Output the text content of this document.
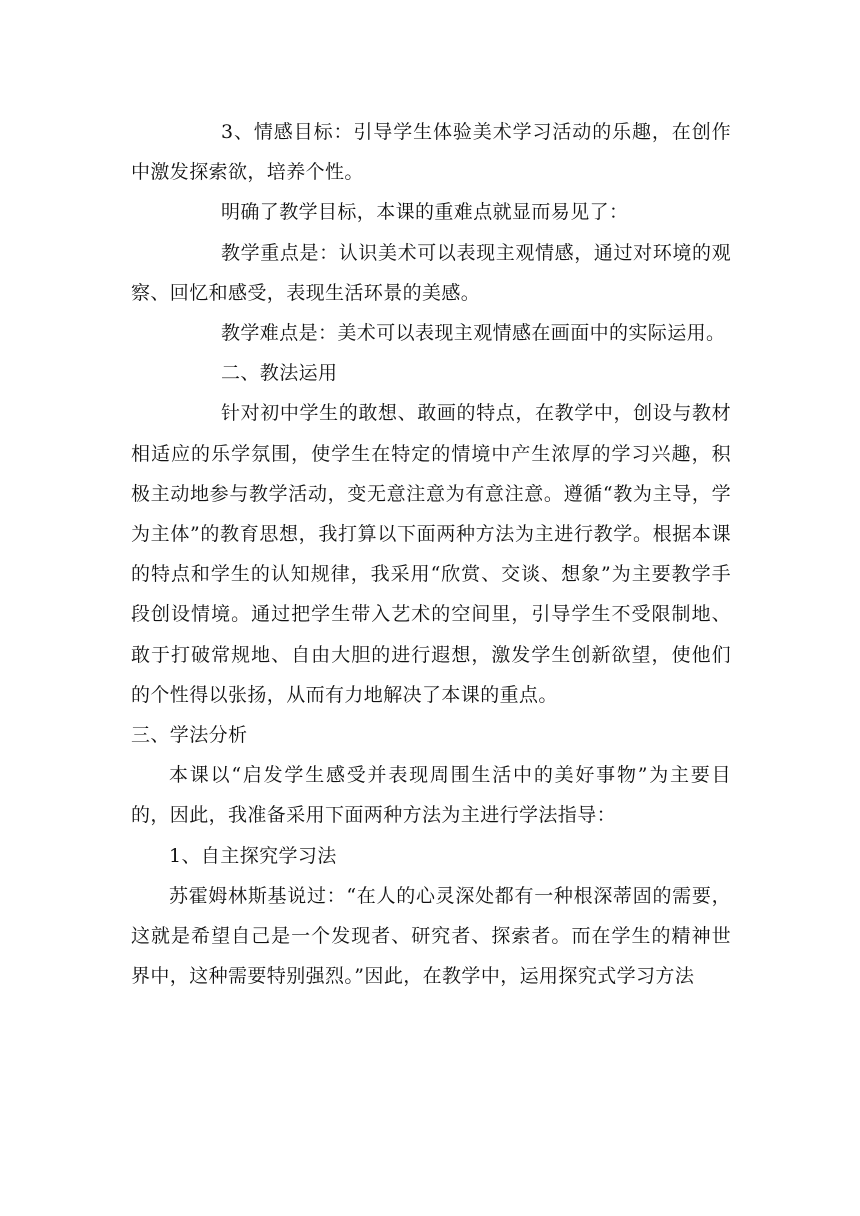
3、情感目标：引导学生体验美术学习活动的乐趣，在创作中激发探索欲，培养个性。

明确了教学目标，本课的重难点就显而易见了：

教学重点是：认识美术可以表现主观情感，通过对环境的观察、回忆和感受，表现生活环景的美感。

教学难点是：美术可以表现主观情感在画面中的实际运用。

二、教法运用

针对初中学生的敢想、敢画的特点，在教学中，创设与教材相适应的乐学氛围，使学生在特定的情境中产生浓厚的学习兴趣，积极主动地参与教学活动，变无意注意为有意注意。遵循“教为主导，学为主体”的教育思想，我打算以下面两种方法为主进行教学。根据本课的特点和学生的认知规律，我采用“欣赏、交谈、想象”为主要教学手段创设情境。通过把学生带入艺术的空间里，引导学生不受限制地、敢于打破常规地、自由大胆的进行遐想，激发学生创新欲望，使他们的个性得以张扬，从而有力地解决了本课的重点。

三、学法分析

本课以“启发学生感受并表现周围生活中的美好事物”为主要目的，因此，我准备采用下面两种方法为主进行学法指导：

1、自主探究学习法

苏霍姆林斯基说过：“在人的心灵深处都有一种根深蒂固的需要，这就是希望自己是一个发现者、研究者、探索者。而在学生的精神世界中，这种需要特别强烈。”因此，在教学中，运用探究式学习方法
